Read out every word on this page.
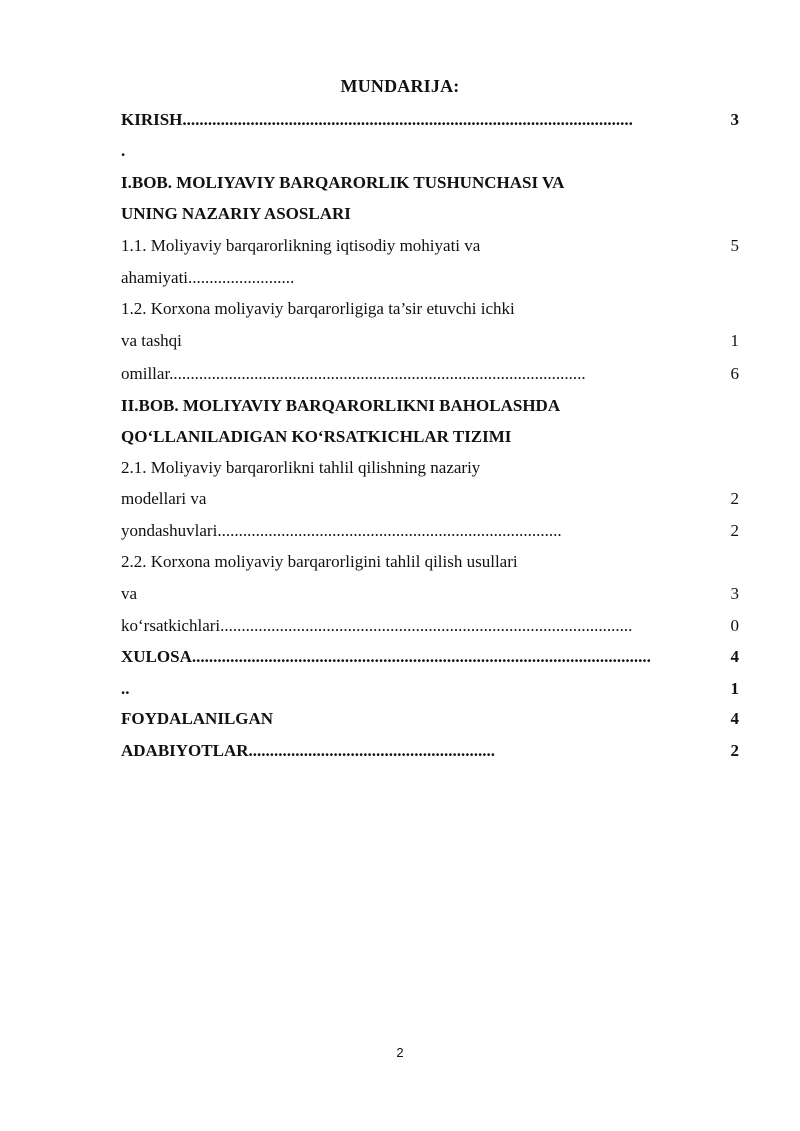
MUNDARIJA:
KIRISH..........................................................................................................	3
.
I.BOB. MOLIYAVIY BARQARORLIK TUSHUNCHASI VA
UNING NAZARIY ASOSLARI
1.1. Moliyaviy barqarorlikning iqtisodiy mohiyati va	5
ahamiyati.........................
1.2. Korxona moliyaviy barqarorligiga ta’sir etuvchi ichki
va tashqi	1
omillar..................................................................................................	6
II.BOB. MOLIYAVIY BARQARORLIKNI BAHOLASHDA
QO‘LLANILADIGAN KO‘RSATKICHLAR TIZIMI
2.1. Moliyaviy barqarorlikni tahlil qilishning nazariy
modellari va	2
yondashuvlari.................................................................................	2
2.2. Korxona moliyaviy barqarorligini tahlil qilish usullari
va	3
ko‘rsatkichlari.................................................................................................	0
XULOSA............................................................................................................	4
..	1
FOYDALANILGAN	4
ADABIYOTLAR..........................................................	2
2
